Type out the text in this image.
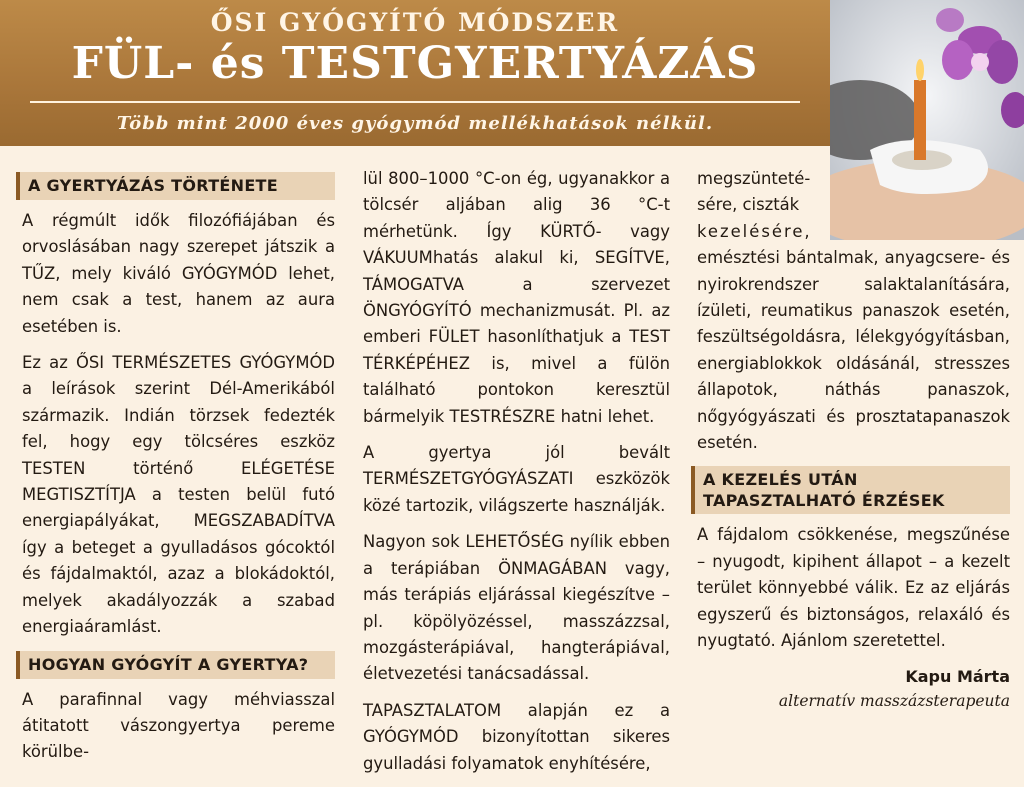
ŐSI GYÓGYÍTÓ MÓDSZER
FÜL- és TESTGYERTYÁZÁS
Több mint 2000 éves gyógymód mellékhatások nélkül.
A GYERTYÁZÁS TÖRTÉNETE

A régmúlt idők filozófiájában és orvoslásában nagy szerepet játszik a TŰZ, mely kiváló GYÓGYMÓD lehet, nem csak a test, hanem az aura esetében is.

Ez az ŐSI TERMÉSZETES GYÓGYMÓD a leírások szerint Dél-Amerikából származik. Indián törzsek fedezték fel, hogy egy tölcséres eszköz TESTEN történő ELÉGETÉSE MEGTISZTÍTJA a testen belül futó energiapályákat, MEGSZABADÍTVA így a beteget a gyulladásos gócoktól és fájdalmaktól, azaz a blokádoktól, melyek akadályozzák a szabad energiaáramlást.

HOGYAN GYÓGYÍT A GYERTYA?

A parafinnal vagy méhviasszal átitatott vászongyertya pereme körülbe-

lül 800–1000 °C-on ég, ugyanakkor a tölcsér aljában alig 36 °C-t mérhetünk. Így KÜRTŐ- vagy VÁKUUMhatás alakul ki, SEGÍTVE, TÁMOGATVA a szervezet ÖNGYÓGYÍTÓ mechanizmusát. Pl. az emberi FÜLET hasonlíthatjuk a TEST TÉRKÉPÉHEZ is, mivel a fülön található pontokon keresztül bármelyik TESTRÉSZRE hatni lehet.

A gyertya jól bevált TERMÉSZETGYÓGYÁSZATI eszközök közé tartozik, világszerte használják.

Nagyon sok LEHETŐSÉG nyílik ebben a terápiában ÖNMAGÁBAN vagy, más terápiás eljárással kiegészítve – pl. köpölyözéssel, masszázzsal, mozgásterápiával, hangterápiával, életvezetési tanácsadással.

TAPASZTALATOM alapján ez a GYÓGYMÓD bizonyítottan sikeres gyulladási folyamatok enyhítésére,

megszünteté-

sére, ciszták

kezelésére,

emésztési bántalmak, anyagcsere- és nyirokrendszer salaktalanítására, ízületi, reumatikus panaszok esetén, feszültségoldásra, lélekgyógyításban, energiablokkok oldásánál, stresszes állapotok, náthás panaszok, nőgyógyászati és prosztatapanaszok esetén.

A KEZELÉS UTÁN
TAPASZTALHATÓ ÉRZÉSEK

A fájdalom csökkenése, megszűnése – nyugodt, kipihent állapot – a kezelt terület könnyebbé válik. Ez az eljárás egyszerű és biztonságos, relaxáló és nyugtató. Ajánlom szeretettel.

Kapu Márta
alternatív masszázsterapeuta
